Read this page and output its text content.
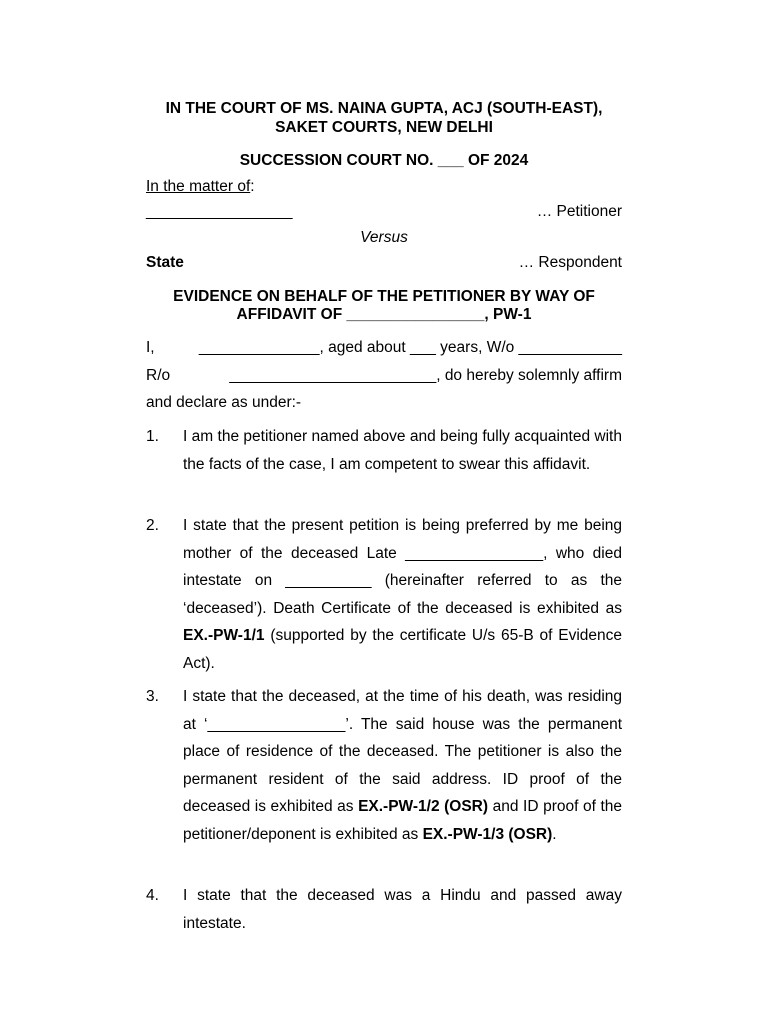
IN THE COURT OF MS. NAINA GUPTA, ACJ (SOUTH-EAST),
SAKET COURTS, NEW DELHI
SUCCESSION COURT NO. ___ OF 2024
In the matter of:
_________________	… Petitioner
Versus
State	… Respondent
EVIDENCE ON BEHALF OF THE PETITIONER BY WAY OF
AFFIDAVIT OF ________________, PW-1
I,	______________, aged about ___ years, W/o ____________
R/o	________________________, do hereby solemnly affirm
and declare as under:-
1.	I am the petitioner named above and being fully acquainted with the facts of the case, I am competent to swear this affidavit.
2.	I state that the present petition is being preferred by me being mother of the deceased Late ________________, who died intestate on __________ (hereinafter referred to as the ‘deceased’). Death Certificate of the deceased is exhibited as EX.-PW-1/1 (supported by the certificate U/s 65-B of Evidence Act).
3.	I state that the deceased, at the time of his death, was residing at ‘________________’. The said house was the permanent place of residence of the deceased. The petitioner is also the permanent resident of the said address. ID proof of the deceased is exhibited as EX.-PW-1/2 (OSR) and ID proof of the petitioner/deponent is exhibited as EX.-PW-1/3 (OSR).
4.	I state that the deceased was a Hindu and passed away intestate.
